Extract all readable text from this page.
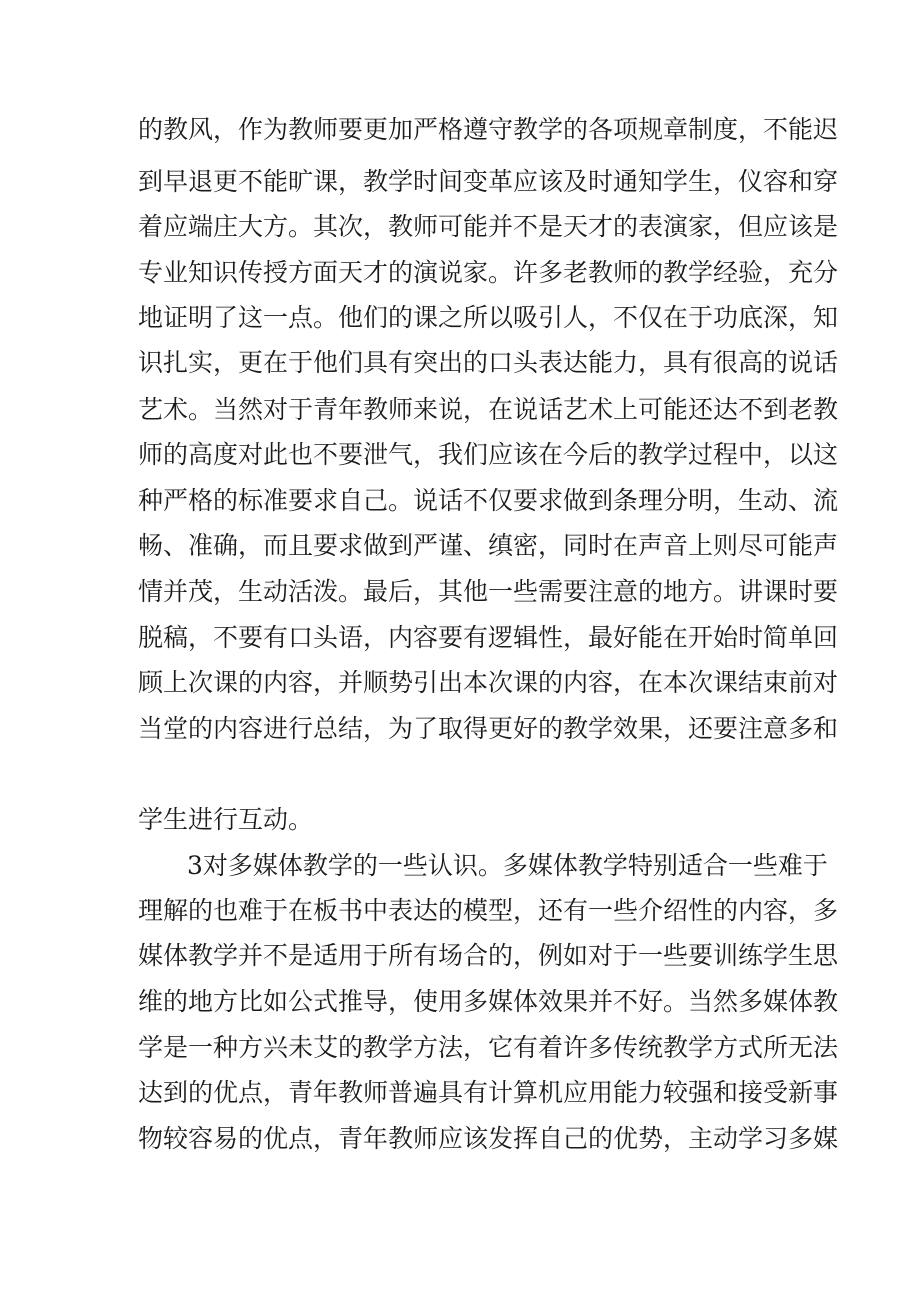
的教风，作为教师要更加严格遵守教学的各项规章制度，不能迟
到早退更不能旷课，教学时间变革应该及时通知学生，仪容和穿
着应端庄大方。其次，教师可能并不是天才的表演家，但应该是
专业知识传授方面天才的演说家。许多老教师的教学经验，充分
地证明了这一点。他们的课之所以吸引人，不仅在于功底深，知
识扎实，更在于他们具有突出的口头表达能力，具有很高的说话
艺术。当然对于青年教师来说，在说话艺术上可能还达不到老教
师的高度对此也不要泄气，我们应该在今后的教学过程中，以这
种严格的标准要求自己。说话不仅要求做到条理分明，生动、流
畅、准确，而且要求做到严谨、缜密，同时在声音上则尽可能声
情并茂，生动活泼。最后，其他一些需要注意的地方。讲课时要
脱稿，不要有口头语，内容要有逻辑性，最好能在开始时简单回
顾上次课的内容，并顺势引出本次课的内容，在本次课结束前对
当堂的内容进行总结，为了取得更好的教学效果，还要注意多和
学生进行互动。
3对多媒体教学的一些认识。多媒体教学特别适合一些难于
理解的也难于在板书中表达的模型，还有一些介绍性的内容，多
媒体教学并不是适用于所有场合的，例如对于一些要训练学生思
维的地方比如公式推导，使用多媒体效果并不好。当然多媒体教
学是一种方兴未艾的教学方法，它有着许多传统教学方式所无法
达到的优点，青年教师普遍具有计算机应用能力较强和接受新事
物较容易的优点，青年教师应该发挥自己的优势，主动学习多媒
